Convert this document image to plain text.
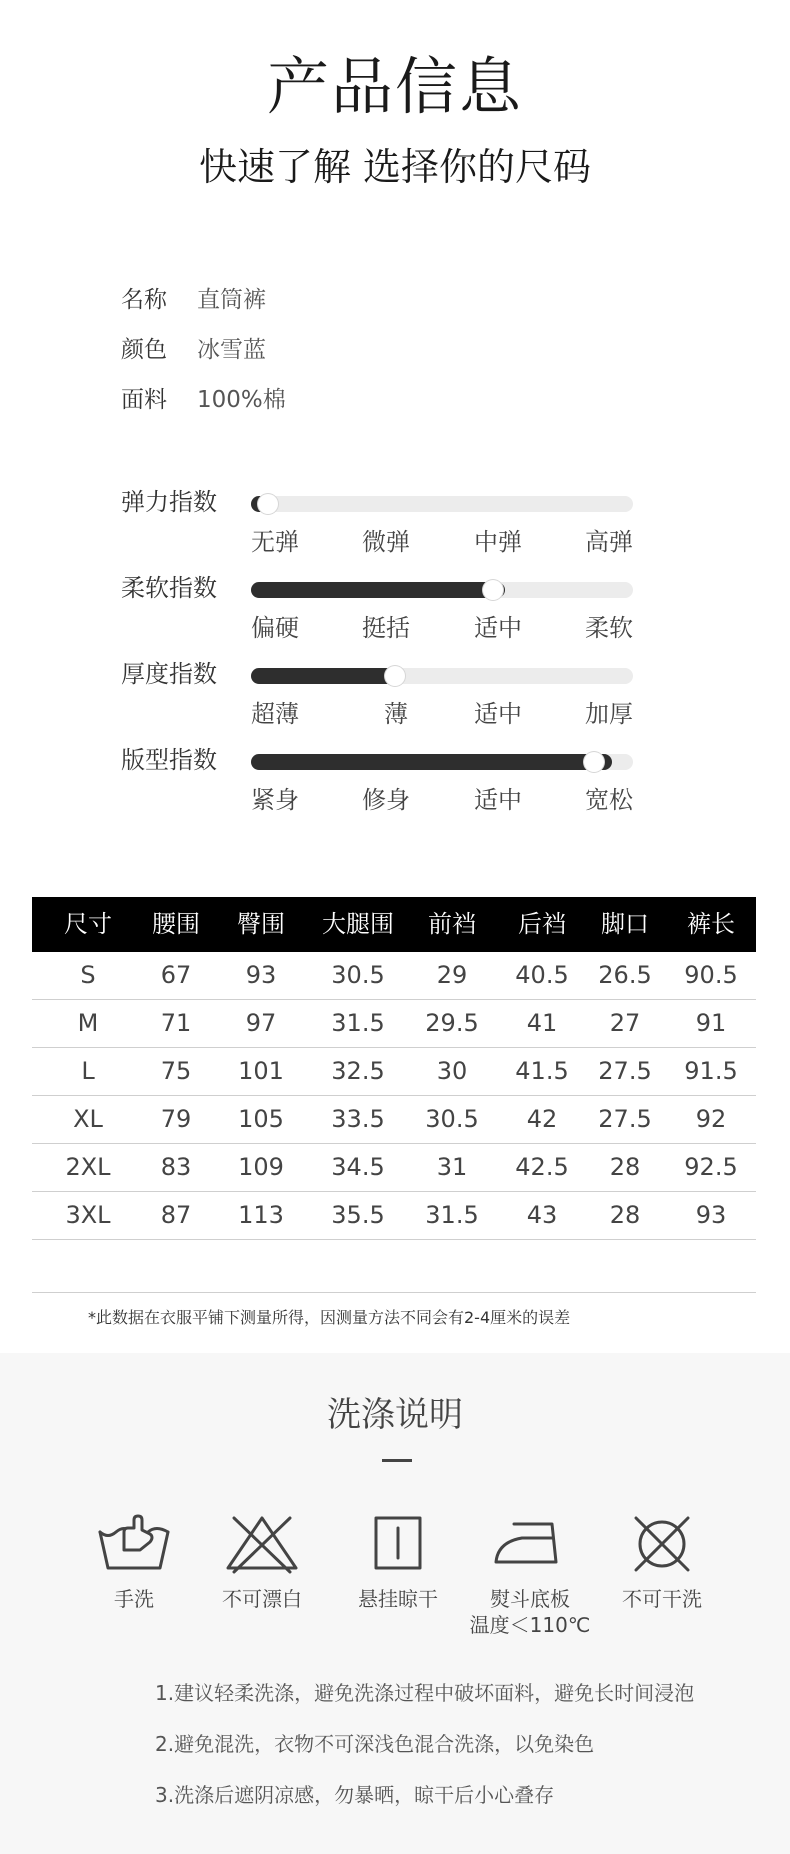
产品信息
快速了解 选择你的尺码
名称 直筒裤
颜色 冰雪蓝
面料 100%棉
弹力指数
无弹	微弹	中弹	高弹
柔软指数
偏硬	挺括	适中	柔软
厚度指数
超薄	薄	适中	加厚
版型指数
紧身	修身	适中	宽松
尺寸 腰围 臀围 大腿围 前裆 后裆 脚口 裤长
S	67 93 30.5 29 40.5 26.5 90.5
M	71 97 31.5 29.5 41 27 91
L	75 101 32.5 30 41.5 27.5 91.5
XL 79 105 33.5 30.5 42 27.5 92
2XL 83 109 34.5 31 42.5 28 92.5
3XL 87 113 35.5 31.5 43 28 93
*此数据在衣服平铺下测量所得，因测量方法不同会有2-4厘米的误差
洗涤说明
手洗	不可漂白	悬挂晾干	熨斗底板
温度＜110℃
不可干洗
1.建议轻柔洗涤，避免洗涤过程中破坏面料，避免长时间浸泡
2.避免混洗，衣物不可深浅色混合洗涤，以免染色
3.洗涤后遮阴凉感，勿暴晒，晾干后小心叠存
